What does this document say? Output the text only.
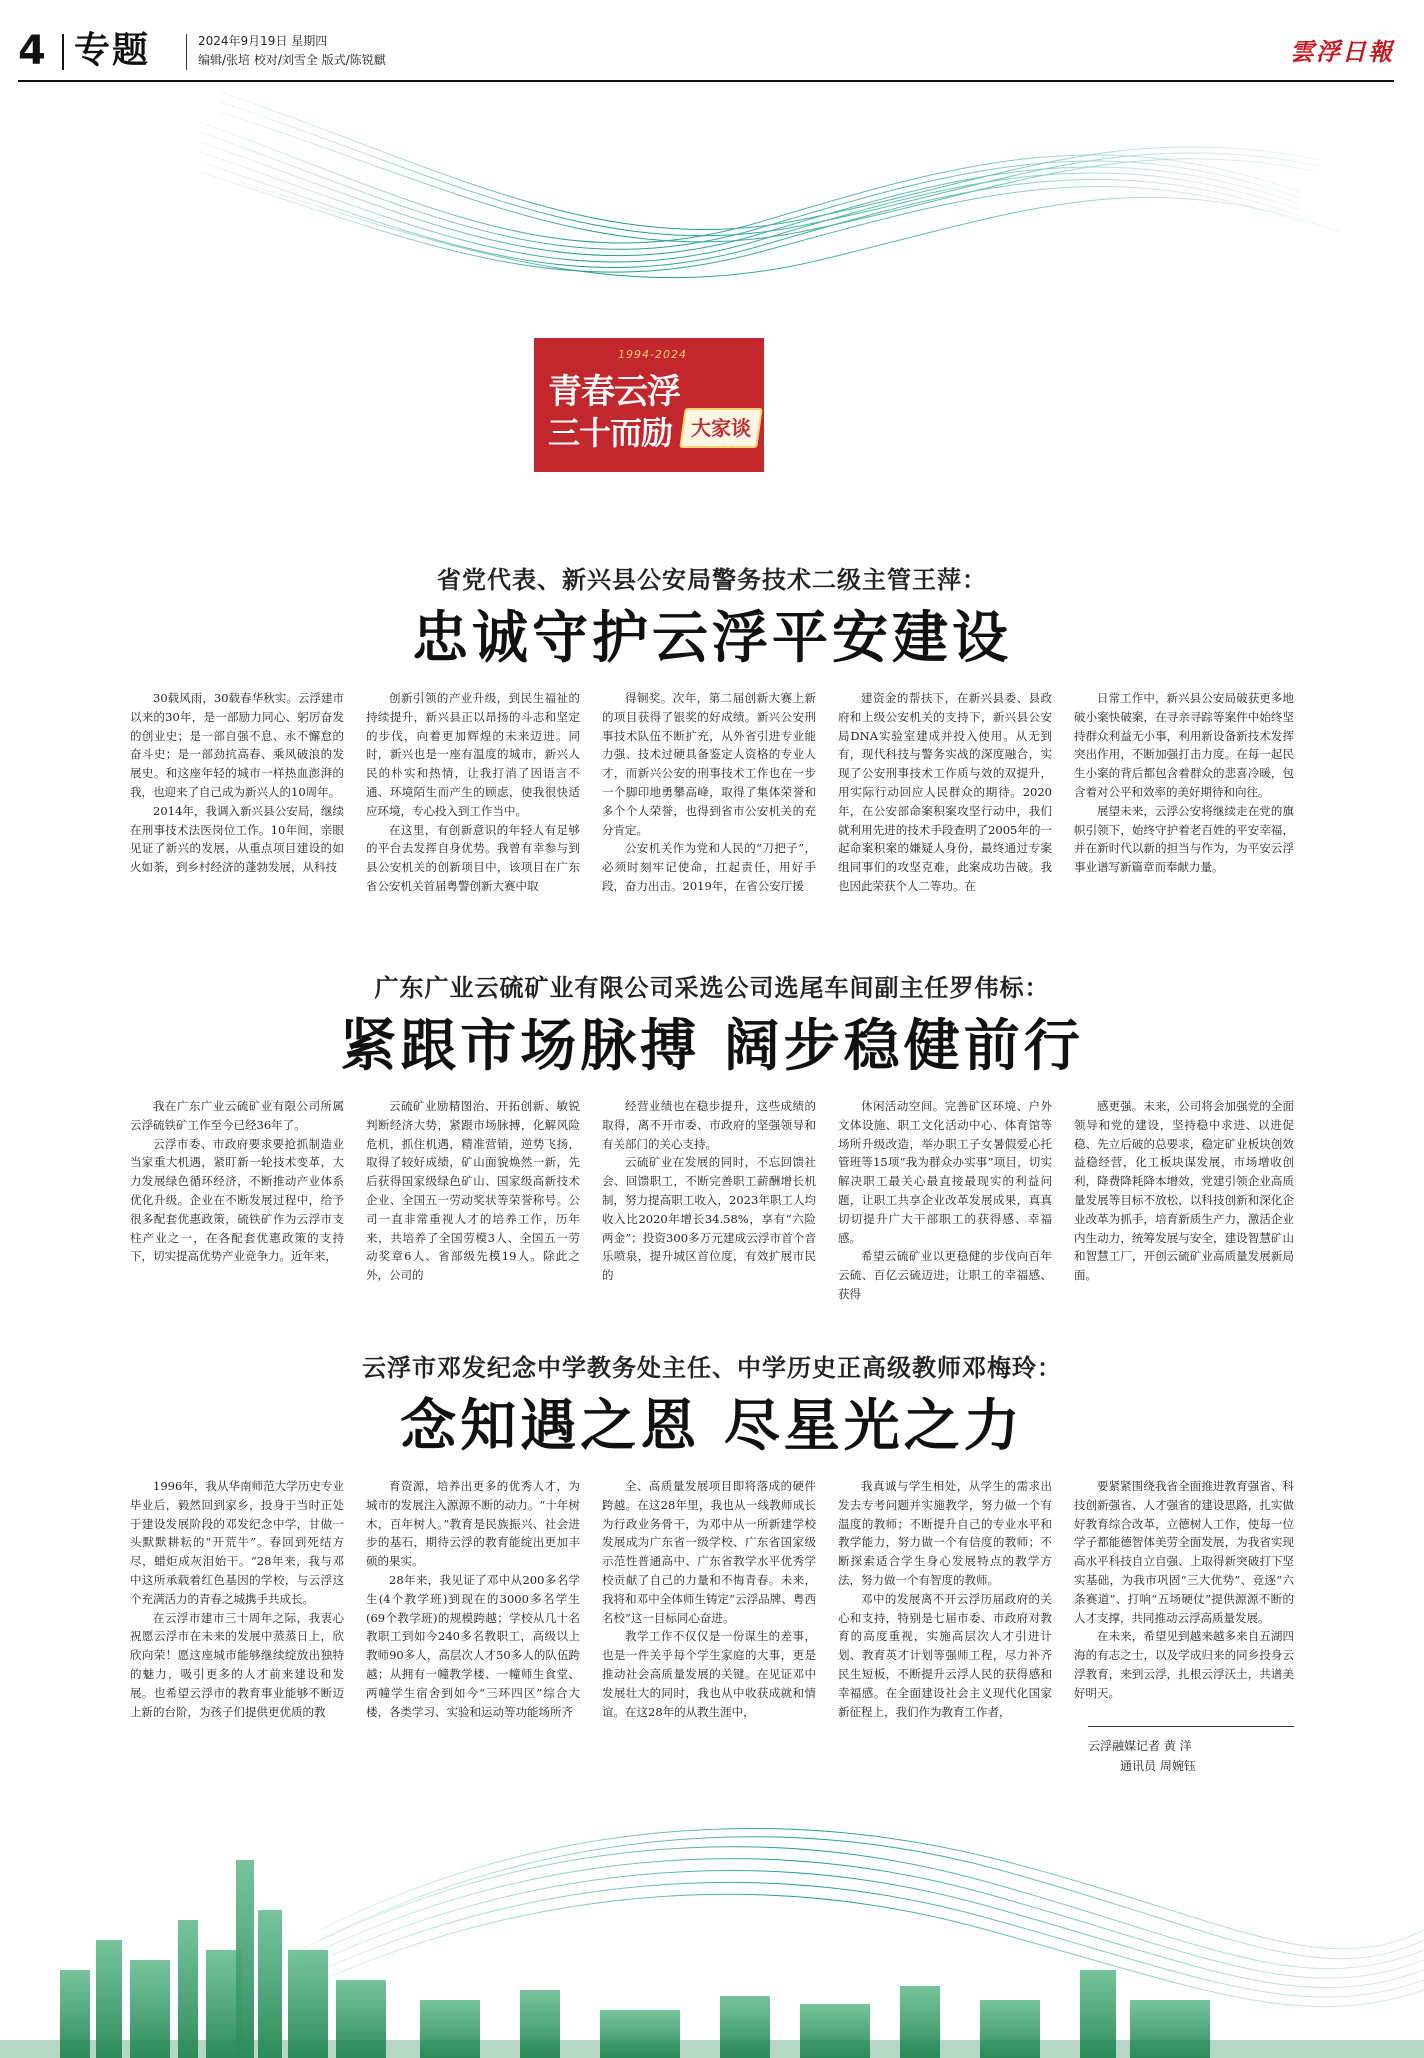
4 专题	2024年9月19日 星期四
编辑/张培 校对/刘雪全 版式/陈锐麒	雲浮日報
1994-2024
青春云浮
三十而励 大家谈
省党代表、新兴县公安局警务技术二级主管王萍：
忠诚守护云浮平安建设

30载风雨，30载春华秋实。云浮建市以来的30年，是一部励力同心、躬厉奋发的创业史；是一部自强不息、永不懈怠的奋斗史；是一部劲抗高春、乘风破浪的发展史。和这座年轻的城市一样热血澎湃的我，也迎来了自己成为新兴人的10周年。

2014年，我调入新兴县公安局，继续在刑事技术法医岗位工作。10年间，亲眼见证了新兴的发展，从重点项目建设的如火如荼，到乡村经济的蓬勃发展，从科技

创新引领的产业升级，到民生福祉的持续提升，新兴县正以昂扬的斗志和坚定的步伐，向着更加辉煌的未来迈进。同时，新兴也是一座有温度的城市，新兴人民的朴实和热情，让我打消了因语言不通、环境陌生而产生的顾虑，使我很快适应环境，专心投入到工作当中。

在这里，有创新意识的年轻人有足够的平台去发挥自身优势。我曾有幸参与到县公安机关的创新项目中，该项目在广东省公安机关首届粤警创新大赛中取

得铜奖。次年，第二届创新大赛上新的项目获得了银奖的好成绩。新兴公安刑事技术队伍不断扩充，从外省引进专业能力强、技术过硬具备鉴定人资格的专业人才，而新兴公安的刑事技术工作也在一步一个脚印地勇攀高峰，取得了集体荣誉和多个个人荣誉，也得到省市公安机关的充分肯定。

公安机关作为党和人民的“刀把子”，必须时刻牢记使命，扛起责任，用好手段，奋力出击。2019年，在省公安厅援

建资金的帮扶下，在新兴县委、县政府和上级公安机关的支持下，新兴县公安局DNA实验室建成并投入使用。从无到有，现代科技与警务实战的深度融合，实现了公安刑事技术工作质与效的双提升，用实际行动回应人民群众的期待。2020年，在公安部命案积案攻坚行动中，我们就利用先进的技术手段查明了2005年的一起命案积案的嫌疑人身份，最终通过专案组同事们的攻坚克难，此案成功告破。我也因此荣获个人二等功。在

日常工作中，新兴县公安局破获更多地破小案快破案，在寻亲寻踪等案件中始终坚持群众利益无小事，利用新设备新技术发挥突出作用，不断加强打击力度。在每一起民生小案的背后都包含着群众的悲喜冷暖，包含着对公平和效率的美好期待和向往。

展望未来，云浮公安将继续走在党的旗帜引领下，始终守护着老百姓的平安幸福，并在新时代以新的担当与作为，为平安云浮事业谱写新篇章而奉献力量。

广东广业云硫矿业有限公司采选公司选尾车间副主任罗伟标：
紧跟市场脉搏 阔步稳健前行

我在广东广业云硫矿业有限公司所属云浮硫铁矿工作至今已经36年了。

云浮市委、市政府要求要抢抓制造业当家重大机遇，紧盯新一轮技术变革，大力发展绿色循环经济，不断推动产业体系优化升级。企业在不断发展过程中，给予很多配套优惠政策，硫铁矿作为云浮市支柱产业之一，在各配套优惠政策的支持下，切实提高优势产业竞争力。近年来，

云硫矿业励精图治、开拓创新、敏锐判断经济大势，紧跟市场脉搏，化解风险危机，抓住机遇，精准营销，逆势飞扬，取得了较好成绩，矿山面貌焕然一新，先后获得国家级绿色矿山、国家级高新技术企业、全国五一劳动奖状等荣誉称号。公司一直非常重视人才的培养工作，历年来，共培养了全国劳模3人、全国五一劳动奖章6人、省部级先模19人。除此之外，公司的

经营业绩也在稳步提升，这些成绩的取得，离不开市委、市政府的坚强领导和有关部门的关心支持。

云硫矿业在发展的同时，不忘回馈社会、回馈职工，不断完善职工薪酬增长机制，努力提高职工收入，2023年职工人均收入比2020年增长34.58%，享有“六险两金”；投资300多万元建成云浮市首个音乐喷泉，提升城区首位度，有效扩展市民的

休闲活动空间。完善矿区环境、户外文体设施、职工文化活动中心、体育馆等场所升级改造，举办职工子女暑假爱心托管班等15项“我为群众办实事”项目，切实解决职工最关心最直接最现实的利益问题，让职工共享企业改革发展成果，真真切切提升广大干部职工的获得感、幸福感。

希望云硫矿业以更稳健的步伐向百年云硫、百亿云硫迈进，让职工的幸福感、获得

感更强。未来，公司将会加强党的全面领导和党的建设，坚持稳中求进、以进促稳、先立后破的总要求，稳定矿业板块创效益稳经营，化工板块谋发展，市场增收创利，降费降耗降本增效，党建引领企业高质量发展等目标不放松，以科技创新和深化企业改革为抓手，培育新质生产力，激活企业内生动力，统筹发展与安全，建设智慧矿山和智慧工厂，开创云硫矿业高质量发展新局面。

云浮市邓发纪念中学教务处主任、中学历史正高级教师邓梅玲：
念知遇之恩 尽星光之力

1996年，我从华南师范大学历史专业毕业后，毅然回到家乡，投身于当时正处于建设发展阶段的邓发纪念中学，甘做一头默默耕耘的“开荒牛”。春回到死结方尽，蜡炬成灰泪始干。“28年来，我与邓中这所承载着红色基因的学校，与云浮这个充满活力的青春之城携手共成长。

在云浮市建市三十周年之际，我衷心祝愿云浮市在未来的发展中蒸蒸日上，欣欣向荣！愿这座城市能够继续绽放出独特的魅力，吸引更多的人才前来建设和发展。也希望云浮市的教育事业能够不断迈上新的台阶，为孩子们提供更优质的教

育资源，培养出更多的优秀人才，为城市的发展注入源源不断的动力。“十年树木，百年树人。”教育是民族振兴、社会进步的基石，期待云浮的教育能绽出更加丰硕的果实。

28年来，我见证了邓中从200多名学生(4个教学班)到现在的3000多名学生(69个教学班)的规模跨越；学校从几十名教职工到如今240多名教职工，高级以上教师90多人，高层次人才50多人的队伍跨越；从拥有一幢教学楼、一幢师生食堂、两幢学生宿舍到如今“三环四区”综合大楼，各类学习、实验和运动等功能场所齐

全、高质量发展项目即将落成的硬件跨越。在这28年里，我也从一线教师成长为行政业务骨干，为邓中从一所新建学校发展成为广东省一级学校、广东省国家级示范性普通高中、广东省教学水平优秀学校贡献了自己的力量和不悔青春。未来，我将和邓中全体师生铸定“云浮品牌、粤西名校”这一目标同心奋进。

教学工作不仅仅是一份谋生的差事，也是一件关乎每个学生家庭的大事，更是推动社会高质量发展的关键。在见证邓中发展壮大的同时，我也从中收获成就和情谊。在这28年的从教生涯中，

我真诚与学生相处，从学生的需求出发去专考问题并实施教学，努力做一个有温度的教师；不断提升自己的专业水平和教学能力，努力做一个有信度的教师；不断探索适合学生身心发展特点的教学方法，努力做一个有智度的教师。

邓中的发展离不开云浮历届政府的关心和支持，特别是七届市委、市政府对教育的高度重视，实施高层次人才引进计划、教育英才计划等强师工程，尽力补齐民生短板，不断提升云浮人民的获得感和幸福感。在全面建设社会主义现代化国家新征程上，我们作为教育工作者，

要紧紧围绕我省全面推进教育强省、科技创新强省、人才强省的建设思路，扎实做好教育综合改革，立德树人工作，使每一位学子都能德智体美劳全面发展，为我省实现高水平科技自立自强、上取得新突破打下坚实基础，为我市巩固“三大优势”、竞逐“六条赛道”、打响“五场硬仗”提供源源不断的人才支撑，共同推动云浮高质量发展。

在未来，希望见到越来越多来自五湖四海的有志之士，以及学成归来的同乡投身云浮教育，来到云浮，扎根云浮沃土，共谱美好明天。

云浮融媒记者 黄 洋
通讯员 周婉钰
